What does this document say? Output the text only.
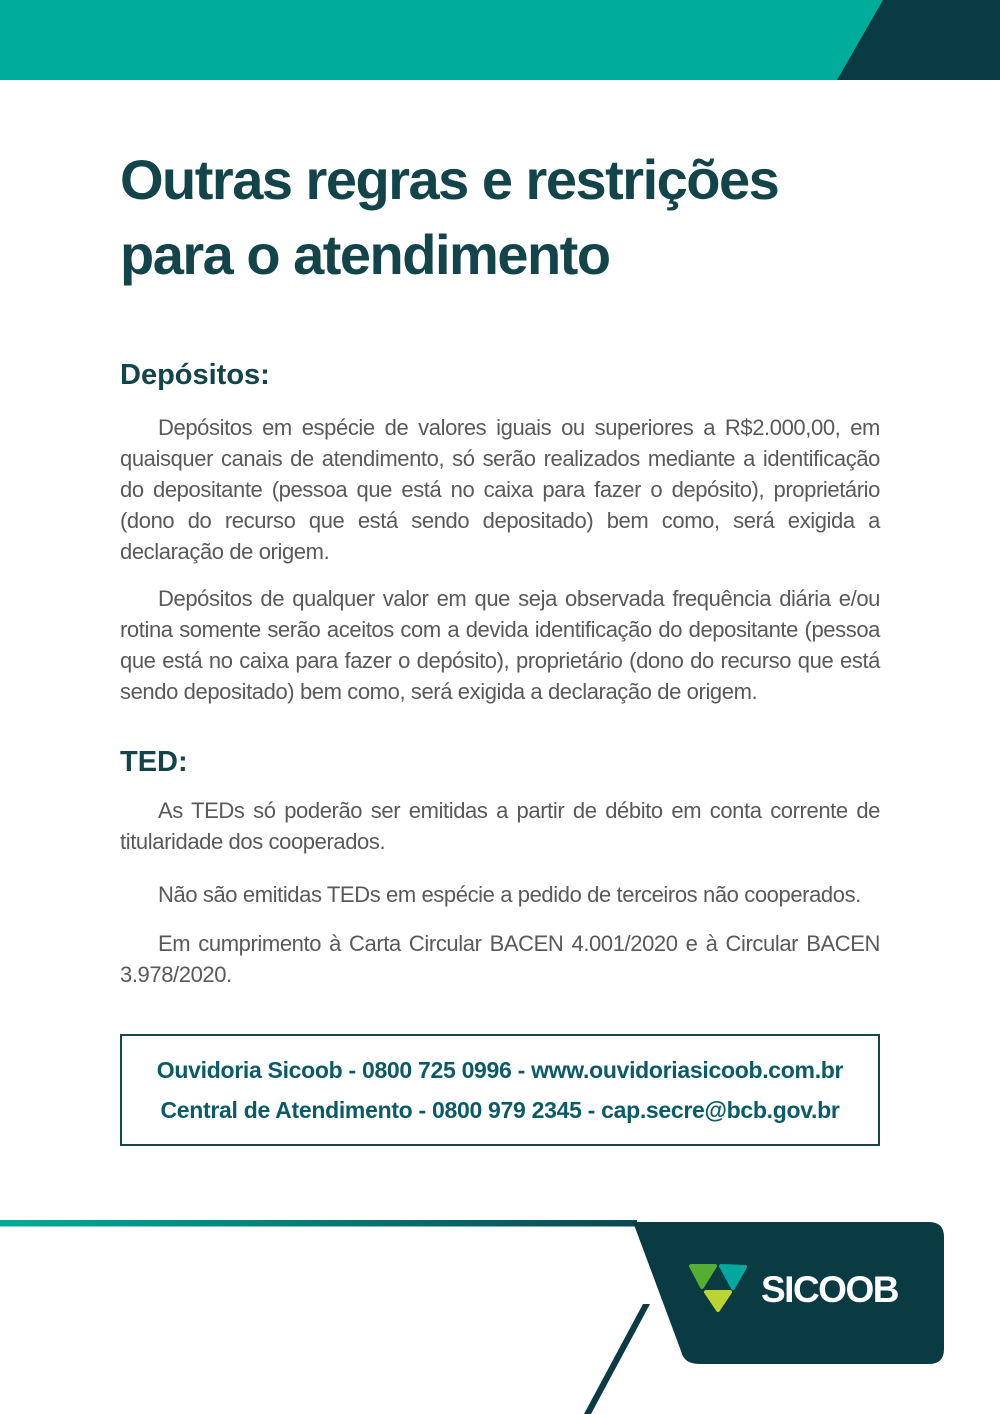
Outras regras e restrições
para o atendimento
Depósitos:

Depósitos em espécie de valores iguais ou superiores a R$2.000,00, em quaisquer canais de atendimento, só serão realizados mediante a identificação do depositante (pessoa que está no caixa para fazer o depósito), proprietário (dono do recurso que está sendo depositado) bem como, será exigida a declaração de origem.

Depósitos de qualquer valor em que seja observada frequência diária e/ou rotina somente serão aceitos com a devida identificação do depositante (pessoa que está no caixa para fazer o depósito), proprietário (dono do recurso que está sendo depositado) bem como, será exigida a declaração de origem.

TED:

As TEDs só poderão ser emitidas a partir de débito em conta corrente de titularidade dos cooperados.

Não são emitidas TEDs em espécie a pedido de terceiros não cooperados.

Em cumprimento à Carta Circular BACEN 4.001/2020 e à Circular BACEN 3.978/2020.

Ouvidoria Sicoob - 0800 725 0996 - www.ouvidoriasicoob.com.br
Central de Atendimento - 0800 979 2345 - cap.secre@bcb.gov.br
SICOOB
